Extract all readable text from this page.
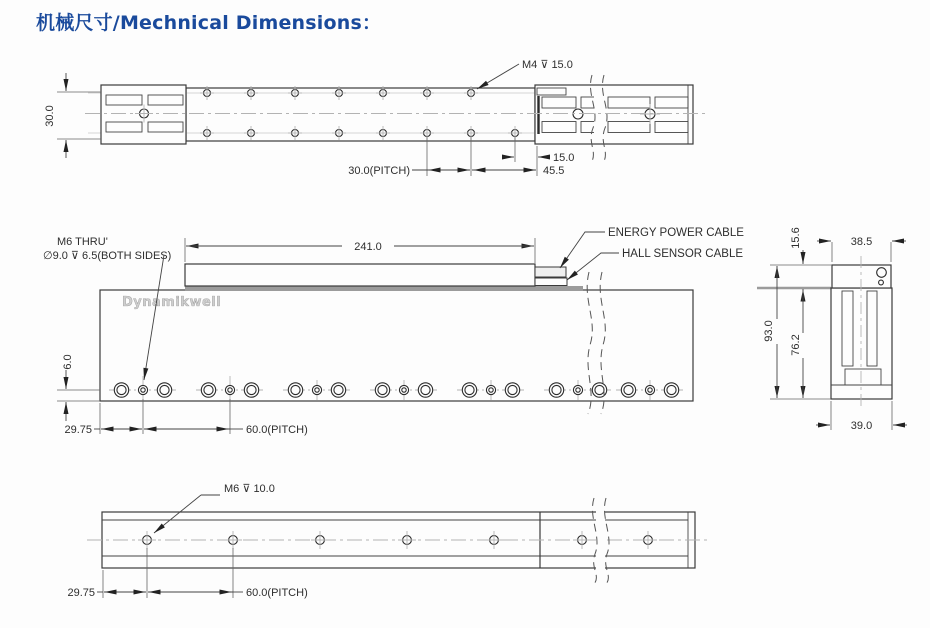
机械尺寸/Mechnical Dimensions：
30.0
M4 ⊽ 15.0
30.0(PITCH)	45.5
15.0
Dynamikwell
M6 THRU'
∅9.0 ⊽ 6.5(BOTH SIDES)
241.0
ENERGY POWER CABLE
HALL SENSOR CABLE
6.0
29.75	60.0(PITCH)
38.5
15.6
76.2
93.0
39.0
M6 ⊽ 10.0
29.75	60.0(PITCH)
